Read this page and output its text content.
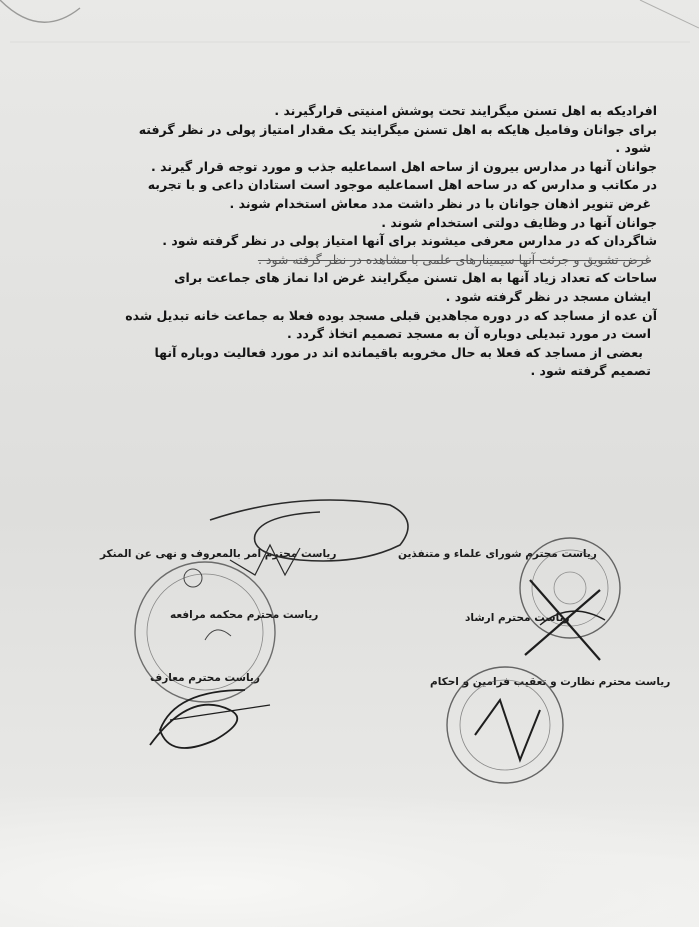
افرادیکه به اهل تسنن میگرایند تحت پوشش امنیتی قرارگیرند .
برای جوانان وفامیل هایکه به اهل تسنن میگرایند یک مقدار امتیاز پولی در نظر گرفته
شود .
جوانان آنها در مدارس بیرون از ساحه اهل اسماعلیه جذب و مورد توجه قرار گیرند .
در مکاتب و مدارس که در ساحه اهل اسماعلیه موجود است استادان داعی و با تجربه
غرض تنویر اذهان جوانان با در نظر داشت مدد معاش استخدام شوند .
جوانان آنها در وظایف دولتی استخدام شوند .
شاگردان که در مدارس معرفی میشوند برای آنها امتیاز پولی در نظر گرفته شود .
غرض تشویق و جرئت آنها سیمینارهای علمی با مشاهده در نظر گرفته شود .
ساحات که تعداد زیاد آنها به اهل تسنن میگرایند غرض ادا نماز های جماعت برای
ایشان مسجد در نظر گرفته شود .
آن عده از مساجد که در دوره مجاهدین قبلی مسجد بوده فعلا به جماعت خانه تبدیل شده
است در مورد تبدیلی دوباره آن به مسجد تصمیم اتخاذ گردد .
بعضی از مساجد که فعلا به حال مخروبه باقیمانده اند در مورد فعالیت دوباره آنها
تصمیم گرفته شود .
ریاست محترم امر بالمعروف و نهی عن المنکر	ریاست محترم شورای علماء و متنفذین
ریاست محترم محکمه مرافعه	ریاست محترم ارشاد
ریاست محترم معارف	ریاست محترم نظارت و تعقیب فرامین و احکام
